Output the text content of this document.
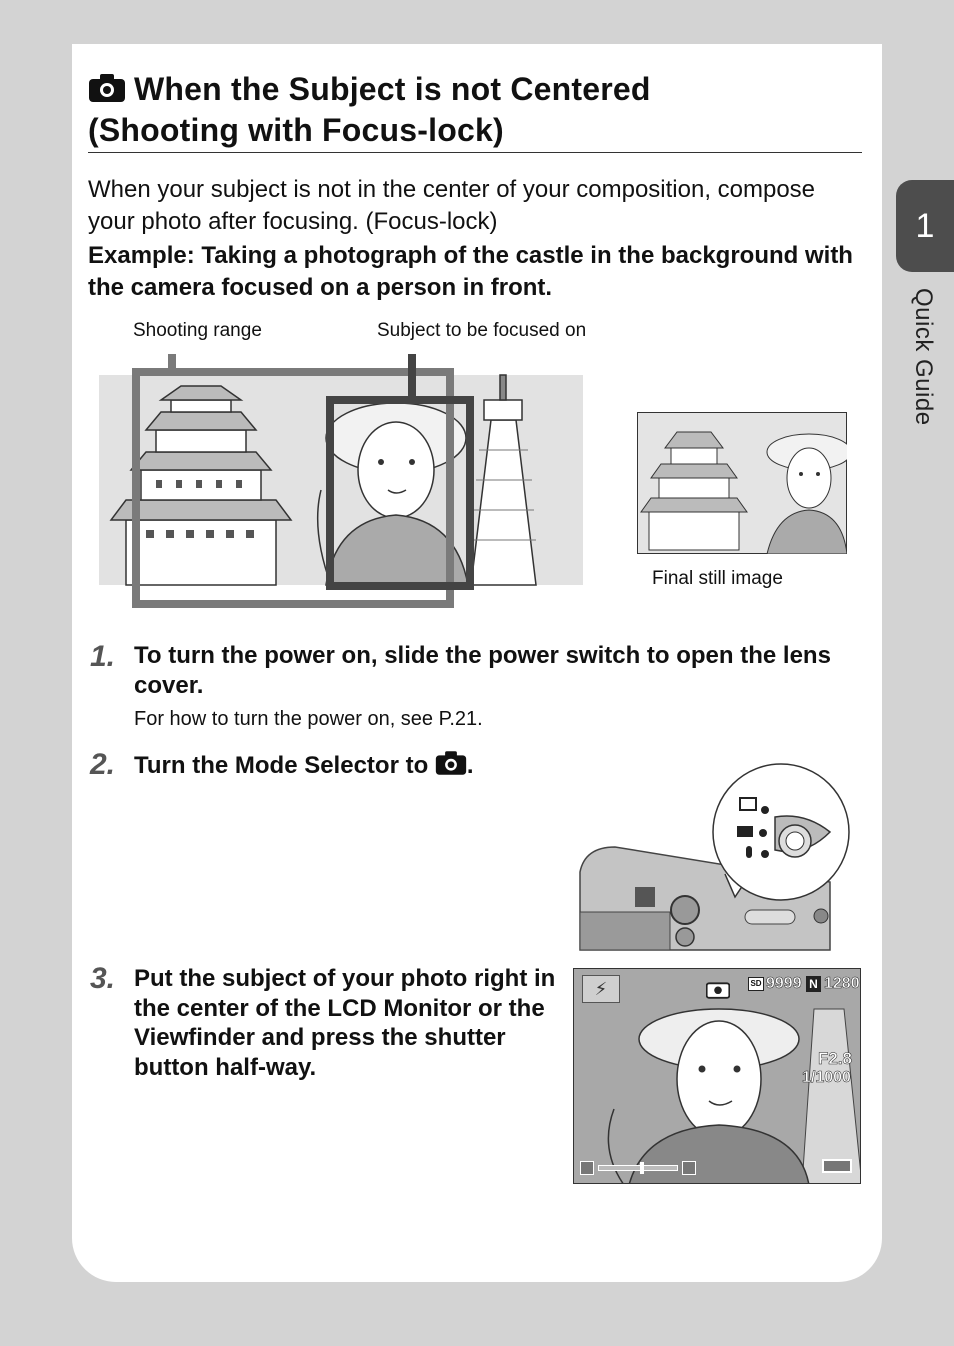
1
Quick Guide
When the Subject is not Centered
(Shooting with Focus-lock)
When your subject is not in the center of your composition, compose your photo after focusing. (Focus-lock)
Example: Taking a photograph of the castle in the background with the camera focused on a person in front.
Shooting range	Subject to be focused on
Final still image
1. To turn the power on, slide the power switch to open the lens cover.
For how to turn the power on, see P.21.
2. Turn the Mode Selector to .
3. Put the subject of your photo right in the center of the LCD Monitor or the Viewfinder and press the shutter button half-way.
⚡	SD 9999 N 1280
F2.8
1/1000
